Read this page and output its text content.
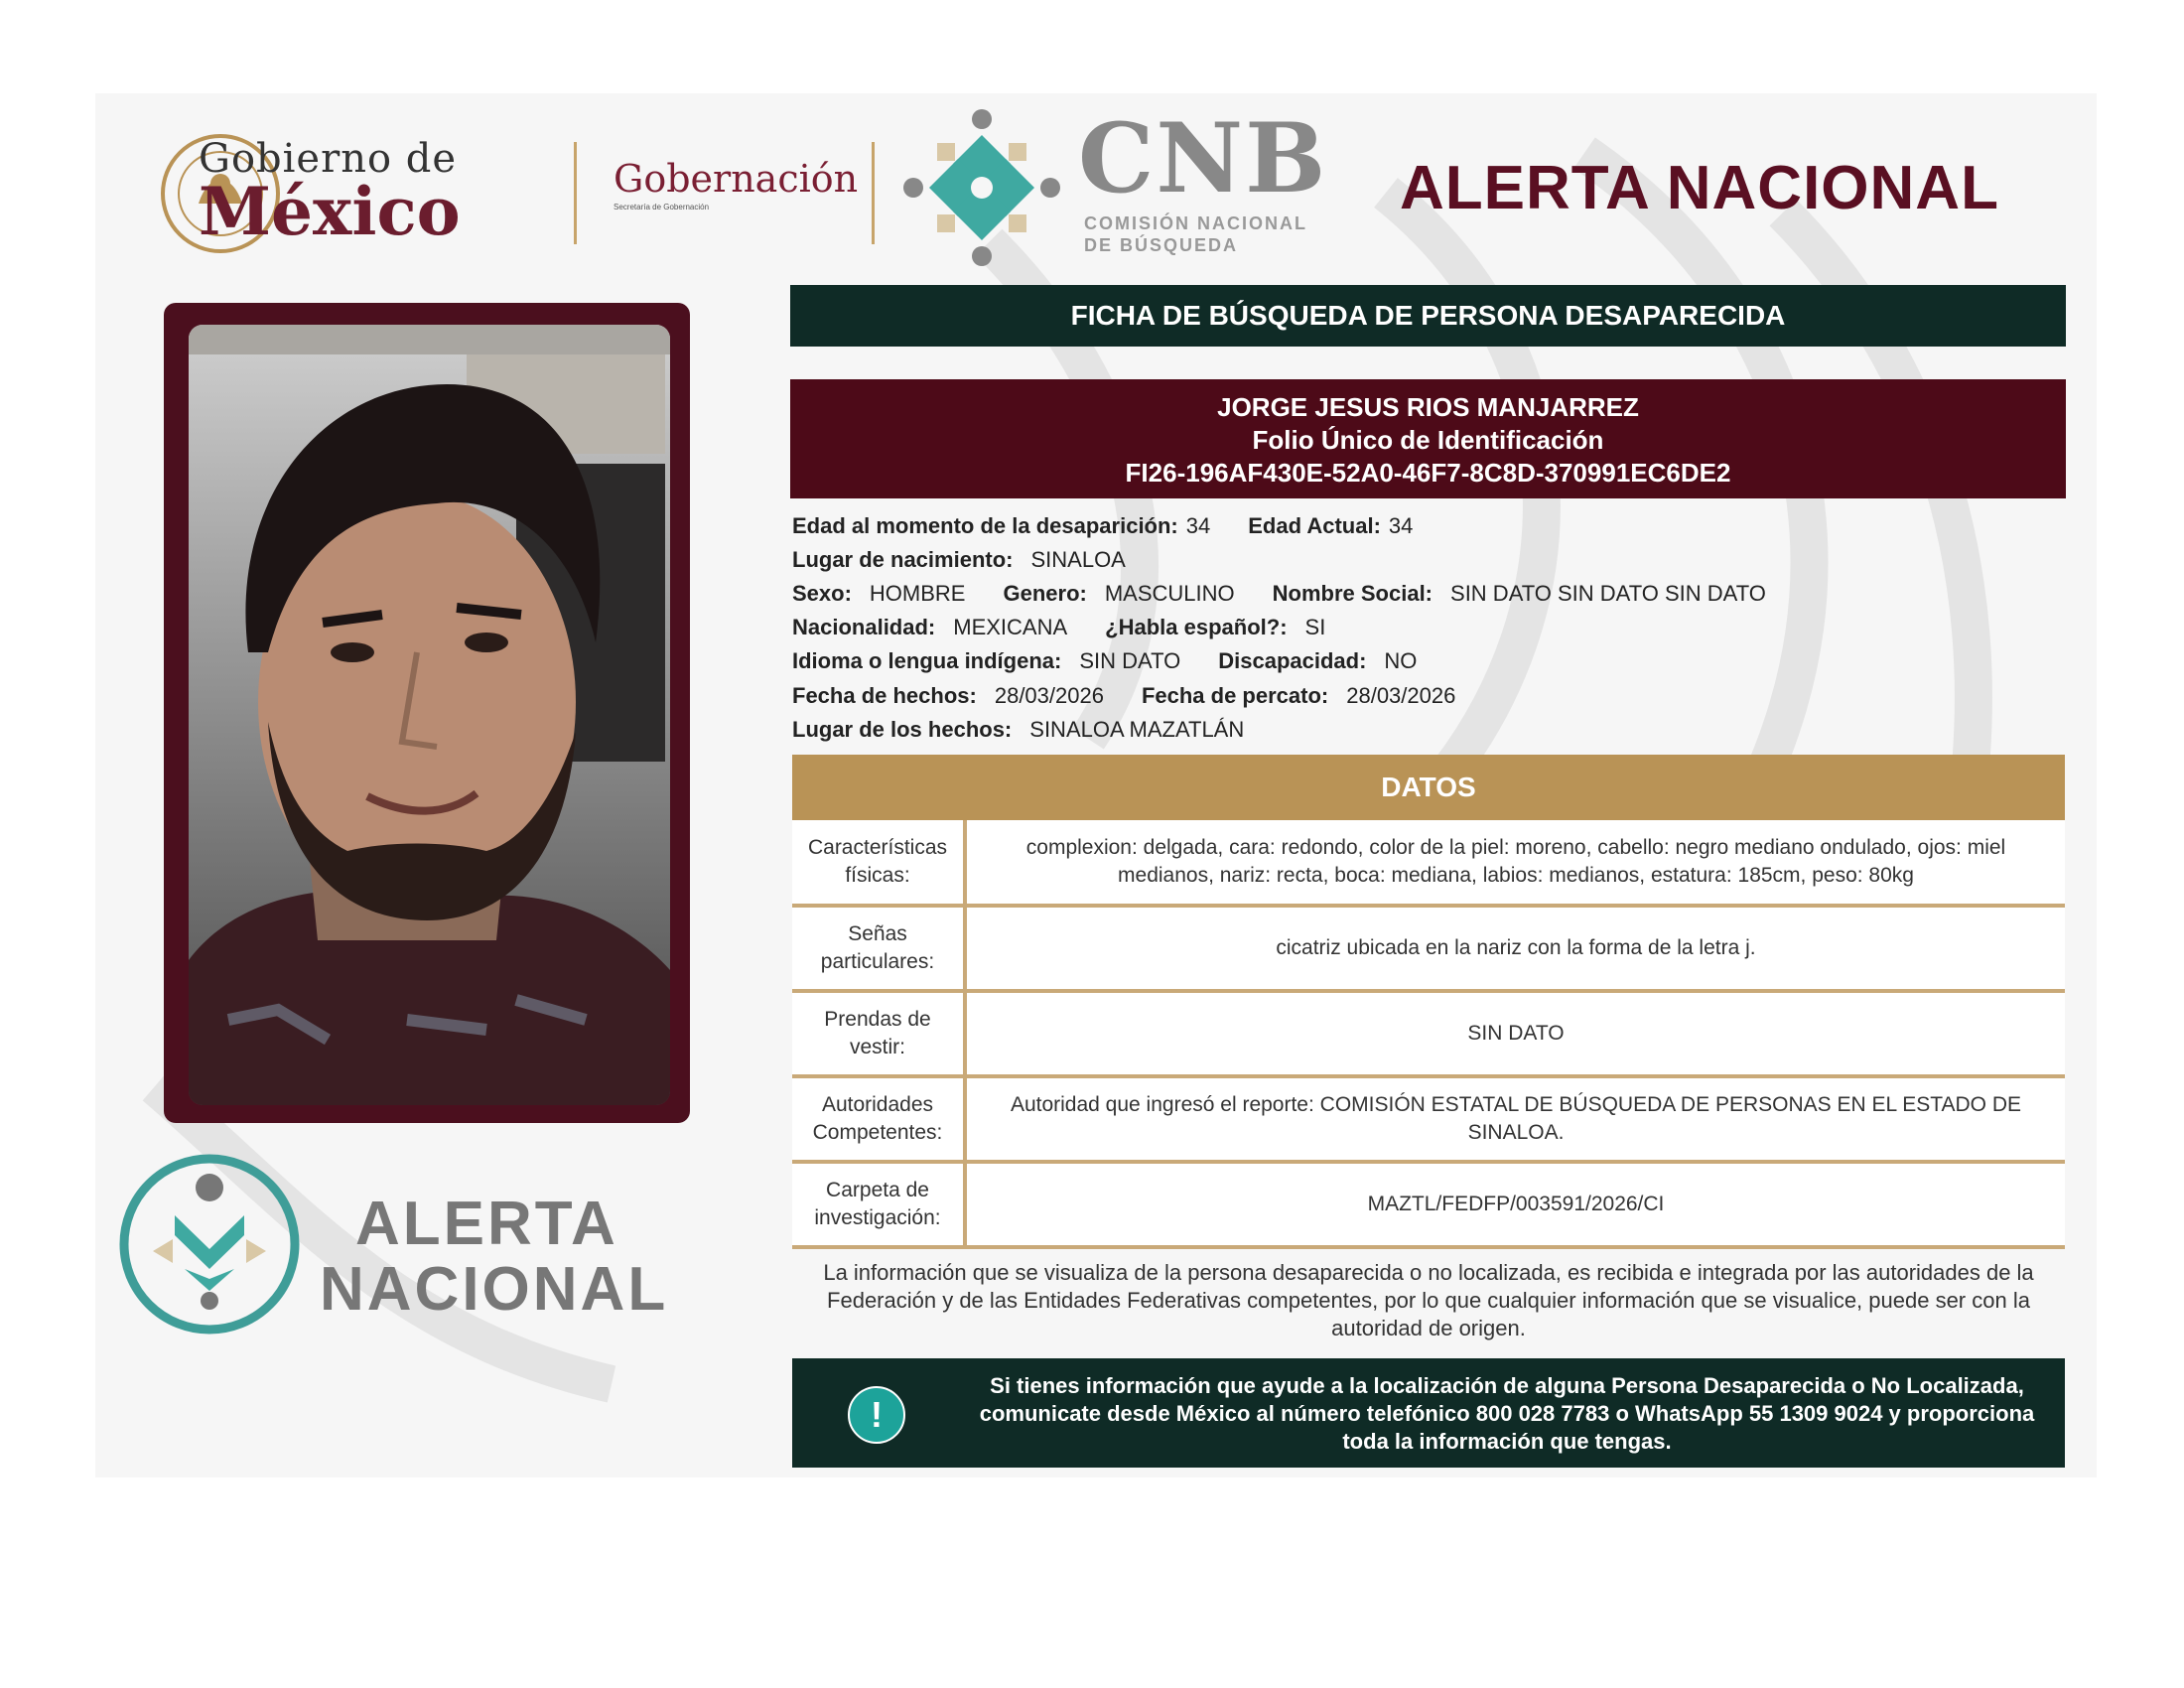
Gobierno de
México	Gobernación
Secretaría de Gobernación	CNB
COMISIÓN NACIONAL
DE BÚSQUEDA
ALERTA NACIONAL
ALERTA
NACIONAL
FICHA DE BÚSQUEDA DE PERSONA DESAPARECIDA
JORGE JESUS RIOS MANJARREZ
Folio Único de Identificación
FI26-196AF430E-52A0-46F7-8C8D-370991EC6DE2
Edad al momento de la desaparición: 34 Edad Actual: 34
Lugar de nacimiento: SINALOA
Sexo: HOMBRE Genero: MASCULINO Nombre Social: SIN DATO SIN DATO SIN DATO
Nacionalidad: MEXICANA ¿Habla español?: SI
Idioma o lengua indígena: SIN DATO Discapacidad: NO
Fecha de hechos: 28/03/2026 Fecha de percato: 28/03/2026
Lugar de los hechos: SINALOA MAZATLÁN
DATOS
Características físicas:	complexion: delgada, cara: redondo, color de la piel: moreno, cabello: negro mediano ondulado, ojos: miel medianos, nariz: recta, boca: mediana, labios: medianos, estatura: 185cm, peso: 80kg
Señas particulares:	cicatriz ubicada en la nariz con la forma de la letra j.
Prendas de vestir:	SIN DATO
Autoridades Competentes:	Autoridad que ingresó el reporte: COMISIÓN ESTATAL DE BÚSQUEDA DE PERSONAS EN EL ESTADO DE SINALOA.
Carpeta de investigación:	MAZTL/FEDFP/003591/2026/CI
La información que se visualiza de la persona desaparecida o no localizada, es recibida e integrada por las autoridades de la Federación y de las Entidades Federativas competentes, por lo que cualquier información que se visualice, puede ser con la autoridad de origen.
!
Si tienes información que ayude a la localización de alguna Persona Desaparecida o No Localizada, comunicate desde México al número telefónico 800 028 7783 o WhatsApp 55 1309 9024 y proporciona toda la información que tengas.
